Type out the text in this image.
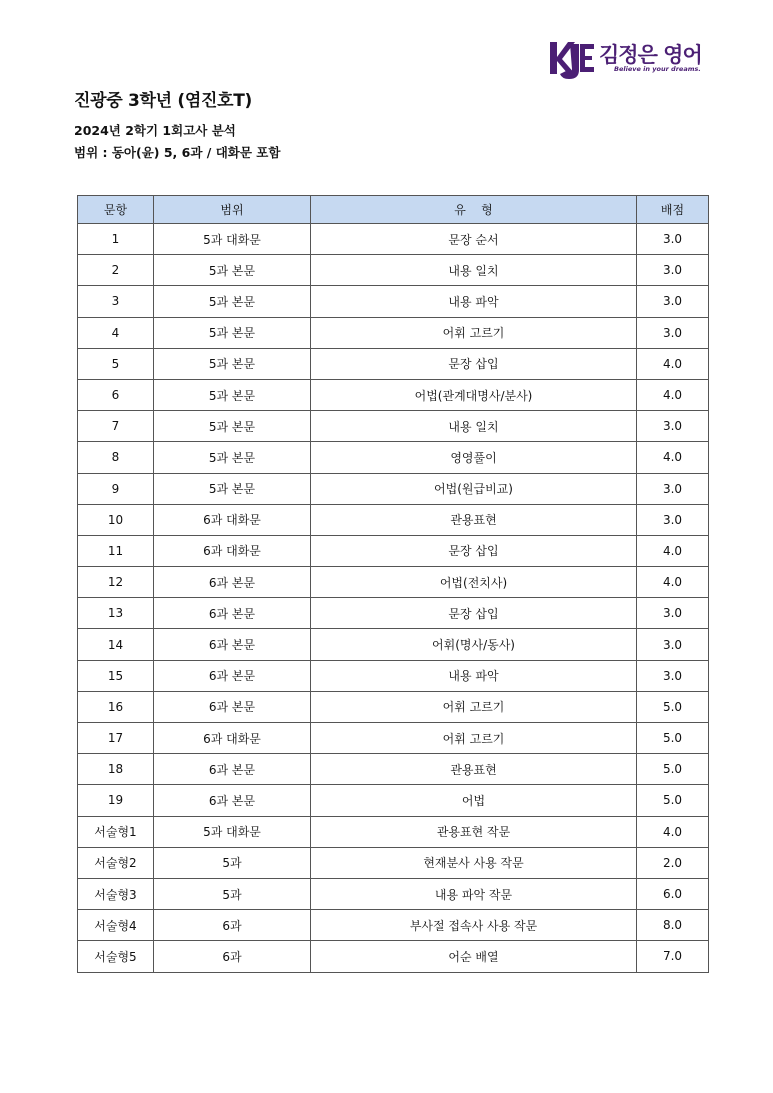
김정은 영어
Believe in your dreams.

진광중 3학년 (염진호T)

2024년 2학기 1회고사 분석

범위 : 동아(윤) 5, 6과 / 대화문 포함

문항	범위	유    형	배점
1	5과 대화문	문장 순서	3.0
2	5과 본문	내용 일치	3.0
3	5과 본문	내용 파악	3.0
4	5과 본문	어휘 고르기	3.0
5	5과 본문	문장 삽입	4.0
6	5과 본문	어법(관계대명사/분사)	4.0
7	5과 본문	내용 일치	3.0
8	5과 본문	영영풀이	4.0
9	5과 본문	어법(원급비교)	3.0
10	6과 대화문	관용표현	3.0
11	6과 대화문	문장 삽입	4.0
12	6과 본문	어법(전치사)	4.0
13	6과 본문	문장 삽입	3.0
14	6과 본문	어휘(명사/동사)	3.0
15	6과 본문	내용 파악	3.0
16	6과 본문	어휘 고르기	5.0
17	6과 대화문	어휘 고르기	5.0
18	6과 본문	관용표현	5.0
19	6과 본문	어법	5.0
서술형1	5과 대화문	관용표현 작문	4.0
서술형2	5과	현재분사 사용 작문	2.0
서술형3	5과	내용 파악 작문	6.0
서술형4	6과	부사절 접속사 사용 작문	8.0
서술형5	6과	어순 배열	7.0
